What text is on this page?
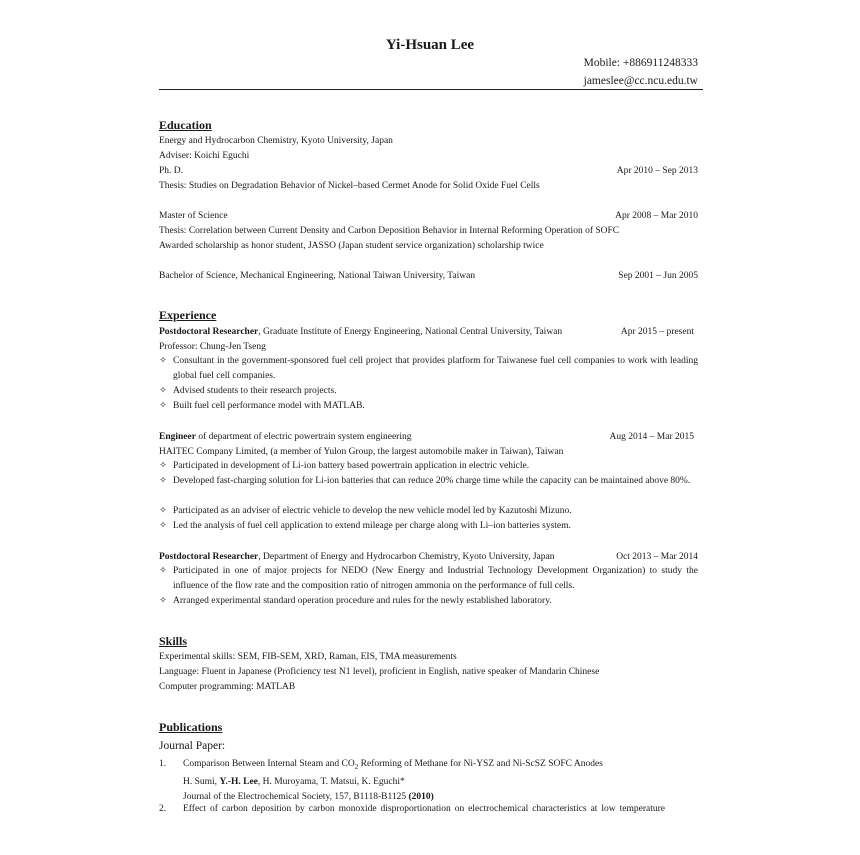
Yi-Hsuan Lee
Mobile: +886911248333
jameslee@cc.ncu.edu.tw
Education
Energy and Hydrocarbon Chemistry, Kyoto University, Japan
Adviser: Koichi Eguchi
Ph. D.	Apr 2010 – Sep 2013
Thesis: Studies on Degradation Behavior of Nickel–based Cermet Anode for Solid Oxide Fuel Cells
Master of Science	Apr 2008 – Mar 2010
Thesis: Correlation between Current Density and Carbon Deposition Behavior in Internal Reforming Operation of SOFC
Awarded scholarship as honor student, JASSO (Japan student service organization) scholarship twice
Bachelor of Science, Mechanical Engineering, National Taiwan University, Taiwan	Sep 2001 – Jun 2005
Experience
Postdoctoral Researcher, Graduate Institute of Energy Engineering, National Central University, Taiwan	Apr 2015 – present
Professor: Chung-Jen Tseng
✧ Consultant in the government-sponsored fuel cell project that provides platform for Taiwanese fuel cell companies to work with leading global fuel cell companies.
✧ Advised students to their research projects.
✧ Built fuel cell performance model with MATLAB.
Engineer of department of electric powertrain system engineering	Aug 2014 – Mar 2015
HAITEC Company Limited, (a member of Yulon Group, the largest automobile maker in Taiwan), Taiwan
✧ Participated in development of Li-ion battery based powertrain application in electric vehicle.
✧ Developed fast-charging solution for Li-ion batteries that can reduce 20% charge time while the capacity can be maintained above 80%.
✧ Participated as an adviser of electric vehicle to develop the new vehicle model led by Kazutoshi Mizuno.
✧ Led the analysis of fuel cell application to extend mileage per charge along with Li–ion batteries system.
Postdoctoral Researcher, Department of Energy and Hydrocarbon Chemistry, Kyoto University, Japan	Oct 2013 – Mar 2014
✧ Participated in one of major projects for NEDO (New Energy and Industrial Technology Development Organization) to study the influence of the flow rate and the composition ratio of nitrogen ammonia on the performance of full cells.
✧ Arranged experimental standard operation procedure and rules for the newly established laboratory.
Skills
Experimental skills: SEM, FIB-SEM, XRD, Raman, EIS, TMA measurements
Language: Fluent in Japanese (Proficiency test N1 level), proficient in English, native speaker of Mandarin Chinese
Computer programming: MATLAB
Publications
Journal Paper:
1. Comparison Between Internal Steam and $CO_2$ Reforming of Methane for Ni-YSZ and Ni-ScSZ SOFC Anodes
H. Sumi, Y.-H. Lee, H. Muroyama, T. Matsui, K. Eguchi*
Journal of the Electrochemical Society, 157, B1118-B1125 (2010)
2. Effect of carbon deposition by carbon monoxide disproportionation on electrochemical characteristics at low temperature
